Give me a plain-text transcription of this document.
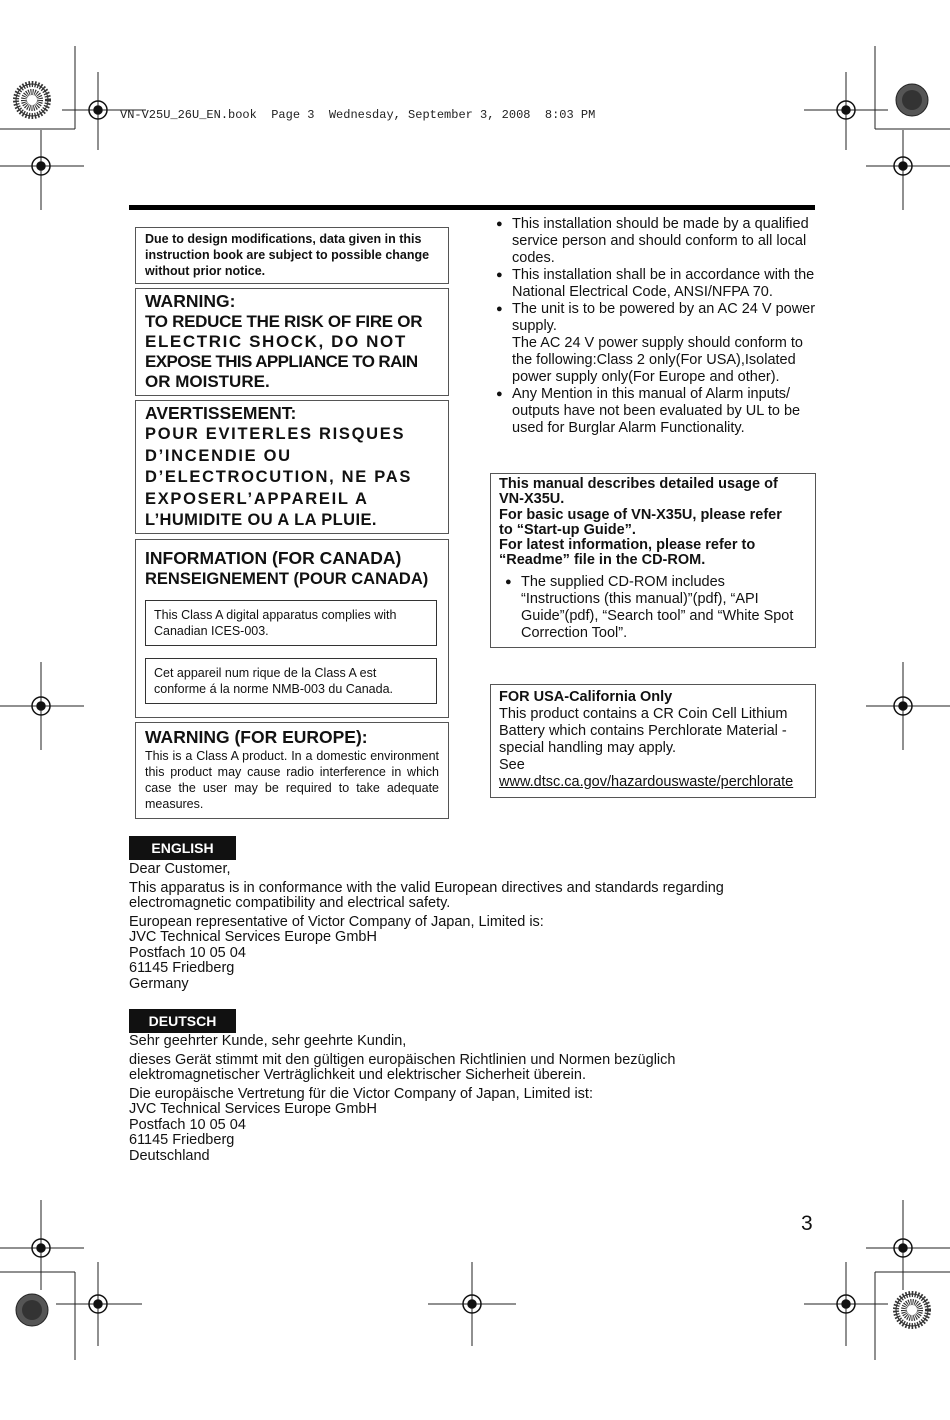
VN-V25U_26U_EN.book  Page 3  Wednesday, September 3, 2008  8:03 PM
Due to design modifications, data given in this instruction book are subject to possible change without prior notice.
WARNING:
TO REDUCE THE RISK OF FIRE OR
ELECTRIC SHOCK, DO NOT
EXPOSE THIS APPLIANCE TO RAIN
OR MOISTURE.
AVERTISSEMENT:
POUR EVITERLES RISQUES
D’INCENDIE OU
D’ELECTROCUTION, NE PAS
EXPOSERL’APPAREIL A
L’HUMIDITE OU A LA PLUIE.
INFORMATION (FOR CANADA)
RENSEIGNEMENT (POUR CANADA)
This Class A digital apparatus complies with Canadian ICES-003.
Cet appareil num rique de la Class A est conforme á la norme NMB-003 du Canada.
WARNING (FOR EUROPE):
This is a Class A product. In a domestic environment this product may cause radio interference in which case the user may be required to take adequate measures.
● This installation should be made by a qualified service person and should conform to all local codes.
● This installation shall be in accordance with the National Electrical Code, ANSI/NFPA 70.
● The unit is to be powered by an AC 24 V power supply.
The AC 24 V power supply should conform to the following:Class 2 only(For USA),Isolated power supply only(For Europe and other).
● Any Mention in this manual of Alarm inputs/ outputs have not been evaluated by UL to be used for Burglar Alarm Functionality.
This manual describes detailed usage of
VN-X35U.
For basic usage of VN-X35U, please refer
to “Start-up Guide”.
For latest information, please refer to
“Readme” file in the CD-ROM.
● The supplied CD-ROM includes “Instructions (this manual)”(pdf), “API Guide”(pdf), “Search tool” and “White Spot Correction Tool”.
FOR USA-California Only
This product contains a CR Coin Cell Lithium Battery which contains Perchlorate Material - special handling may apply.
See
www.dtsc.ca.gov/hazardouswaste/perchlorate
ENGLISH
Dear Customer,
This apparatus is in conformance with the valid European directives and standards regarding electromagnetic compatibility and electrical safety.
European representative of Victor Company of Japan, Limited is:
JVC Technical Services Europe GmbH
Postfach 10 05 04
61145 Friedberg
Germany
DEUTSCH
Sehr geehrter Kunde, sehr geehrte Kundin,
dieses Gerät stimmt mit den gültigen europäischen Richtlinien und Normen bezüglich elektromagnetischer Verträglichkeit und elektrischer Sicherheit überein.
Die europäische Vertretung für die Victor Company of Japan, Limited ist:
JVC Technical Services Europe GmbH
Postfach 10 05 04
61145 Friedberg
Deutschland
3
